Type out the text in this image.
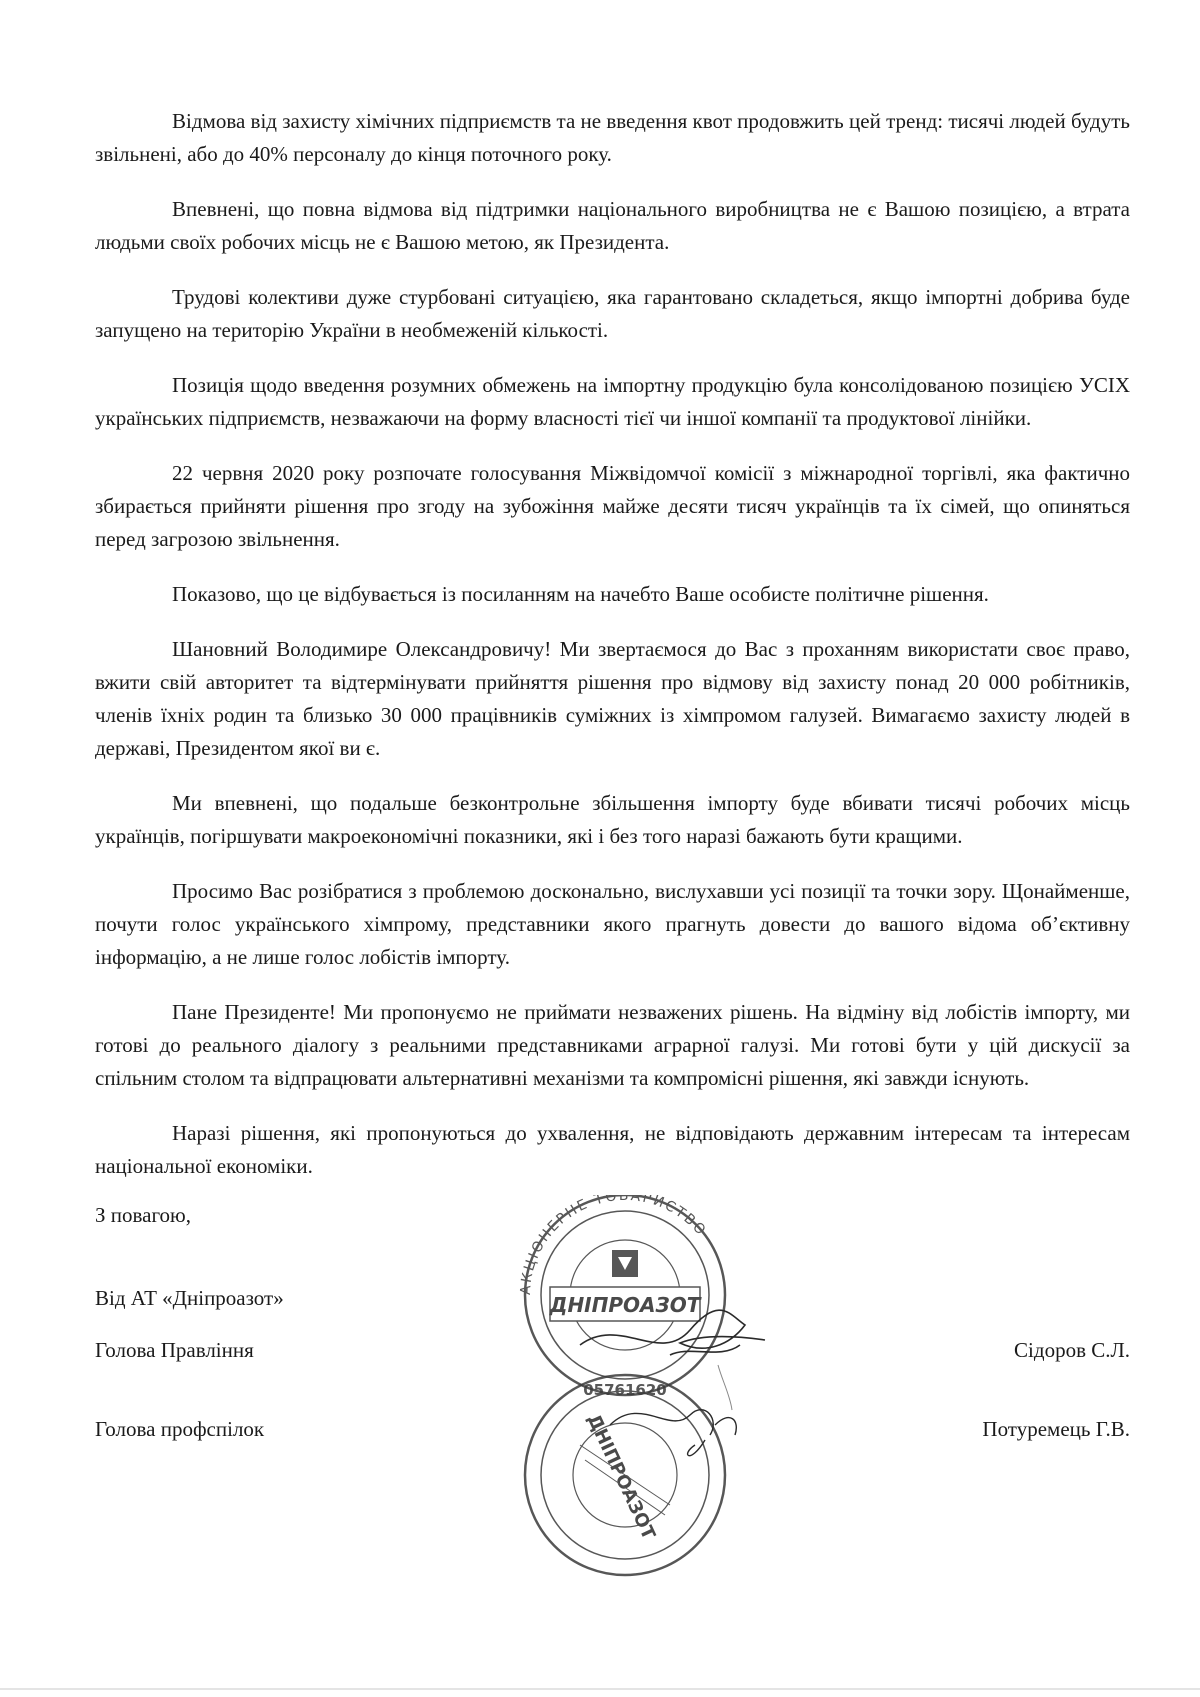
Відмова від захисту хімічних підприємств та не введення квот продовжить цей тренд: тисячі людей будуть звільнені, або до 40% персоналу до кінця поточного року.

Впевнені, що повна відмова від підтримки національного виробництва не є Вашою позицією, а втрата людьми своїх робочих місць не є Вашою метою, як Президента.

Трудові колективи дуже стурбовані ситуацією, яка гарантовано складеться, якщо імпортні добрива буде запущено на територію України в необмеженій кількості.

Позиція щодо введення розумних обмежень на імпортну продукцію була консолідованою позицією УСІХ українських підприємств, незважаючи на форму власності тієї чи іншої компанії та продуктової лінійки.

22 червня 2020 року розпочате голосування Міжвідомчої комісії з міжнародної торгівлі, яка фактично збирається прийняти рішення про згоду на зубожіння майже десяти тисяч українців та їх сімей, що опиняться перед загрозою звільнення.

Показово, що це відбувається із посиланням на начебто Ваше особисте політичне рішення.

Шановний Володимире Олександровичу! Ми звертаємося до Вас з проханням використати своє право, вжити свій авторитет та відтермінувати прийняття рішення про відмову від захисту понад 20 000 робітників, членів їхніх родин та близько 30 000 працівників суміжних із хімпромом галузей. Вимагаємо захисту людей в державі, Президентом якої ви є.

Ми впевнені, що подальше безконтрольне збільшення імпорту буде вбивати тисячі робочих місць українців, погіршувати макроекономічні показники, які і без того наразі бажають бути кращими.

Просимо Вас розібратися з проблемою досконально, вислухавши усі позиції та точки зору. Щонайменше, почути голос українського хімпрому, представники якого прагнуть довести до вашого відома об’єктивну інформацію, а не лише голос лобістів імпорту.

Пане Президенте! Ми пропонуємо не приймати незважених рішень. На відміну від лобістів імпорту, ми готові до реального діалогу з реальними представниками аграрної галузі. Ми готові бути у цій дискусії за спільним столом та відпрацювати альтернативні механізми та компромісні рішення, які завжди існують.

Наразі рішення, які пропонуються до ухвалення, не відповідають державним інтересам та інтересам національної економіки.

З повагою,
Від АТ «Дніпроазот»
Голова Правління
Голова профспілок
Сідоров С.Л.
Потуремець Г.В.
АКЦІОНЕРНЕ ТОВАРИСТВО
ДНІПРОАЗОТ
05761620
ДНІПРОАЗОТ
